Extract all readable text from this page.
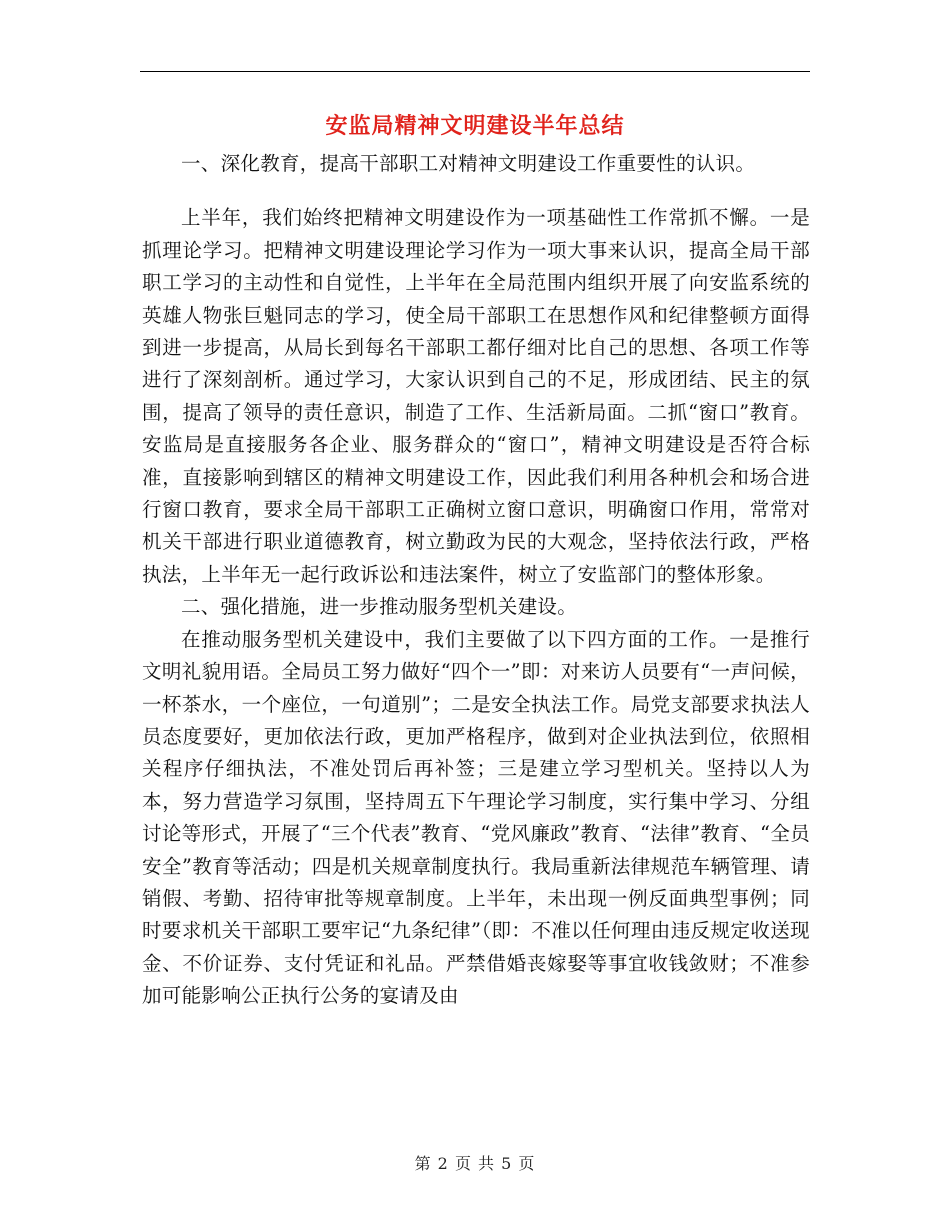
安监局精神文明建设半年总结

一、深化教育，提高干部职工对精神文明建设工作重要性的认识。

上半年，我们始终把精神文明建设作为一项基础性工作常抓不懈。一是抓理论学习。把精神文明建设理论学习作为一项大事来认识，提高全局干部职工学习的主动性和自觉性，上半年在全局范围内组织开展了向安监系统的英雄人物张巨魁同志的学习，使全局干部职工在思想作风和纪律整顿方面得到进一步提高，从局长到每名干部职工都仔细对比自己的思想、各项工作等进行了深刻剖析。通过学习，大家认识到自己的不足，形成团结、民主的氛围，提高了领导的责任意识，制造了工作、生活新局面。二抓“窗口”教育。安监局是直接服务各企业、服务群众的“窗口”，精神文明建设是否符合标准，直接影响到辖区的精神文明建设工作，因此我们利用各种机会和场合进行窗口教育，要求全局干部职工正确树立窗口意识，明确窗口作用，常常对机关干部进行职业道德教育，树立勤政为民的大观念，坚持依法行政，严格执法，上半年无一起行政诉讼和违法案件，树立了安监部门的整体形象。

二、强化措施，进一步推动服务型机关建设。

在推动服务型机关建设中，我们主要做了以下四方面的工作。一是推行文明礼貌用语。全局员工努力做好“四个一”即：对来访人员要有“一声问候，一杯茶水，一个座位，一句道别”；二是安全执法工作。局党支部要求执法人员态度要好，更加依法行政，更加严格程序，做到对企业执法到位，依照相关程序仔细执法，不准处罚后再补签；三是建立学习型机关。坚持以人为本，努力营造学习氛围，坚持周五下午理论学习制度，实行集中学习、分组讨论等形式，开展了“三个代表”教育、“党风廉政”教育、“法律”教育、“全员安全”教育等活动；四是机关规章制度执行。我局重新法律规范车辆管理、请销假、考勤、招待审批等规章制度。上半年，未出现一例反面典型事例；同时要求机关干部职工要牢记“九条纪律”（即：不准以任何理由违反规定收送现金、不价证券、支付凭证和礼品。严禁借婚丧嫁娶等事宜收钱敛财；不准参加可能影响公正执行公务的宴请及由

第 2 页 共 5 页
